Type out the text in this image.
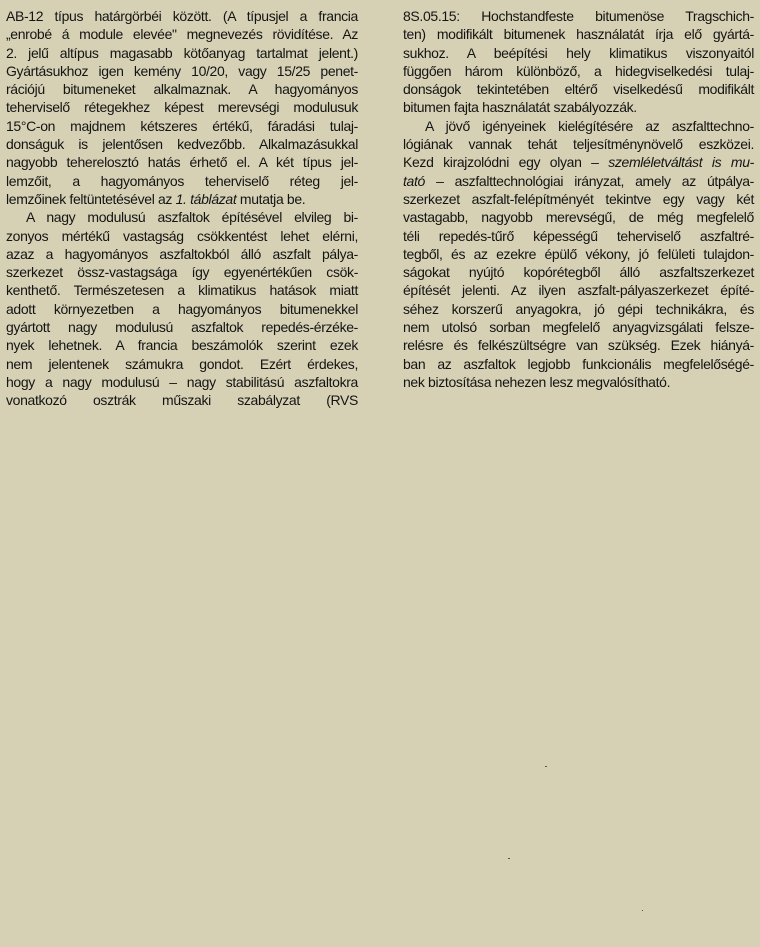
AB-12 típus határgörbéi között. (A típusjel a francia
„enrobé á module elevée" megnevezés rövidítése. Az
2. jelű altípus magasabb kötőanyag tartalmat jelent.)
Gyártásukhoz igen kemény 10/20, vagy 15/25 penet-
rációjú bitumeneket alkalmaznak. A hagyományos
teherviselő rétegekhez képest merevségi modulusuk
15°C-on majdnem kétszeres értékű, fáradási tulaj-
donságuk is jelentősen kedvezőbb. Alkalmazásukkal
nagyobb teherelosztó hatás érhető el. A két típus jel-
lemzőit, a hagyományos teherviselő réteg jel-
lemzőinek feltüntetésével az 1. táblázat mutatja be.
A nagy modulusú aszfaltok építésével elvileg bi-
zonyos mértékű vastagság csökkentést lehet elérni,
azaz a hagyományos aszfaltokból álló aszfalt pálya-
szerkezet össz-vastagsága így egyenértékűen csök-
kenthető. Természetesen a klimatikus hatások miatt
adott környezetben a hagyományos bitumenekkel
gyártott nagy modulusú aszfaltok repedés-érzéke-
nyek lehetnek. A francia beszámolók szerint ezek
nem jelentenek számukra gondot. Ezért érdekes,
hogy a nagy modulusú – nagy stabilitású aszfaltokra
vonatkozó osztrák műszaki szabályzat (RVS
8S.05.15: Hochstandfeste bitumenöse Tragschich-
ten) modifikált bitumenek használatát írja elő gyártá-
sukhoz. A beépítési hely klimatikus viszonyaitól
függően három különböző, a hidegviselkedési tulaj-
donságok tekintetében eltérő viselkedésű modifikált
bitumen fajta használatát szabályozzák.
A jövő igényeinek kielégítésére az aszfalttechno-
lógiának vannak tehát teljesítménynövelő eszközei.
Kezd kirajzolódni egy olyan – szemléletváltást is mu-
tató – aszfalttechnológiai irányzat, amely az útpálya-
szerkezet aszfalt-felépítményét tekintve egy vagy két
vastagabb, nagyobb merevségű, de még megfelelő
téli repedés-tűrő képességű teherviselő aszfaltré-
tegből, és az ezekre épülő vékony, jó felületi tulajdon-
ságokat nyújtó kopórétegből álló aszfaltszerkezet
építését jelenti. Az ilyen aszfalt-pályaszerkezet építé-
séhez korszerű anyagokra, jó gépi technikákra, és
nem utolsó sorban megfelelő anyagvizsgálati felsze-
relésre és felkészültségre van szükség. Ezek hiányá-
ban az aszfaltok legjobb funkcionális megfelelőségé-
nek biztosítása nehezen lesz megvalósítható.
